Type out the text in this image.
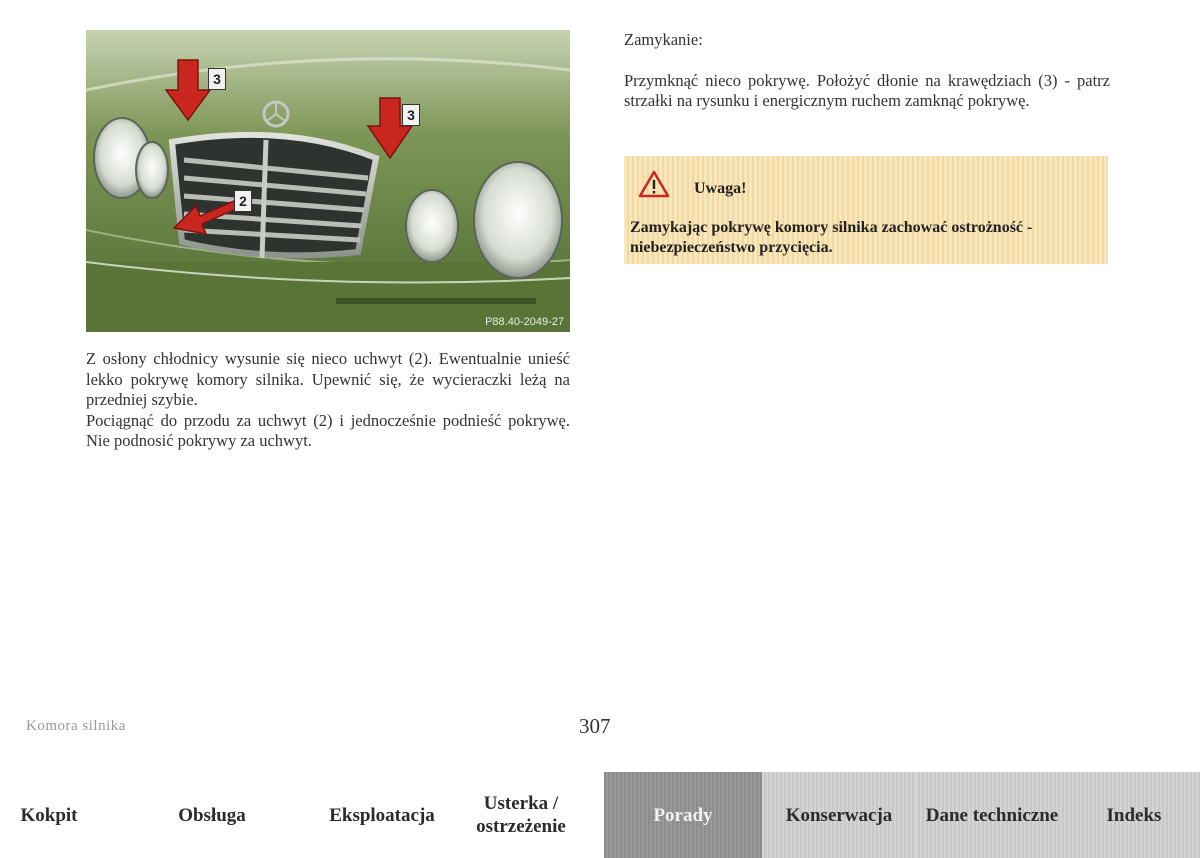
3
3
2
P88.40-2049-27

Z osłony chłodnicy wysunie się nieco uchwyt (2). Ewentualnie unieść lekko pokrywę komory silnika. Upewnić się, że wycieraczki leżą na przedniej szybie.

Pociągnąć do przodu za uchwyt (2) i jednocześnie podnieść pokrywę. Nie podnosić pokrywy za uchwyt.

Zamykanie:

Przymknąć nieco pokrywę. Położyć dłonie na krawędziach (3) - patrz strzałki na rysunku i energicznym ruchem zamknąć pokrywę.

Uwaga!
Zamykając pokrywę komory silnika zachować ostrożność - niebezpieczeństwo przycięcia.
Komora silnika	307
Kokpit	Obsługa	Eksploatacja
Usterka / ostrzeżenie
Porady	Konserwacja	Dane techniczne	Indeks
